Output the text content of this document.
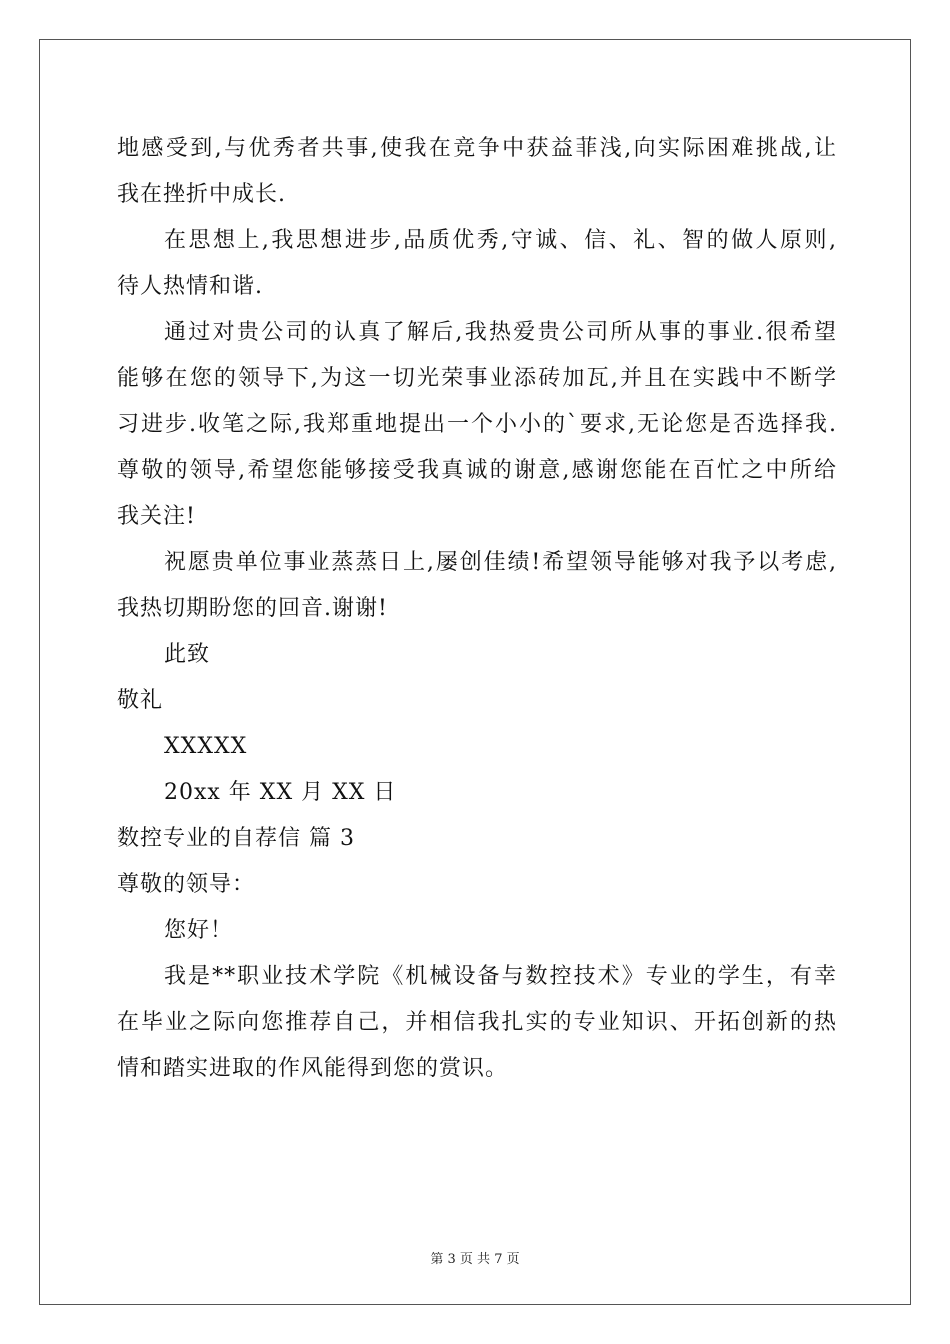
地感受到,与优秀者共事,使我在竞争中获益菲浅,向实际困难挑战,让
我在挫折中成长.
在思想上,我思想进步,品质优秀,守诚、信、礼、智的做人原则,
待人热情和谐.
通过对贵公司的认真了解后,我热爱贵公司所从事的事业.很希望
能够在您的领导下,为这一切光荣事业添砖加瓦,并且在实践中不断学
习进步.收笔之际,我郑重地提出一个小小的`要求,无论您是否选择我.
尊敬的领导,希望您能够接受我真诚的谢意,感谢您能在百忙之中所给
我关注!
祝愿贵单位事业蒸蒸日上,屡创佳绩!希望领导能够对我予以考虑,
我热切期盼您的回音.谢谢!
此致
敬礼
XXXXX
20xx 年 XX 月 XX 日
数控专业的自荐信 篇 3
尊敬的领导：
您好！
我是**职业技术学院《机械设备与数控技术》专业的学生，有幸
在毕业之际向您推荐自己，并相信我扎实的专业知识、开拓创新的热
情和踏实进取的作风能得到您的赏识。
第 3 页 共 7 页
